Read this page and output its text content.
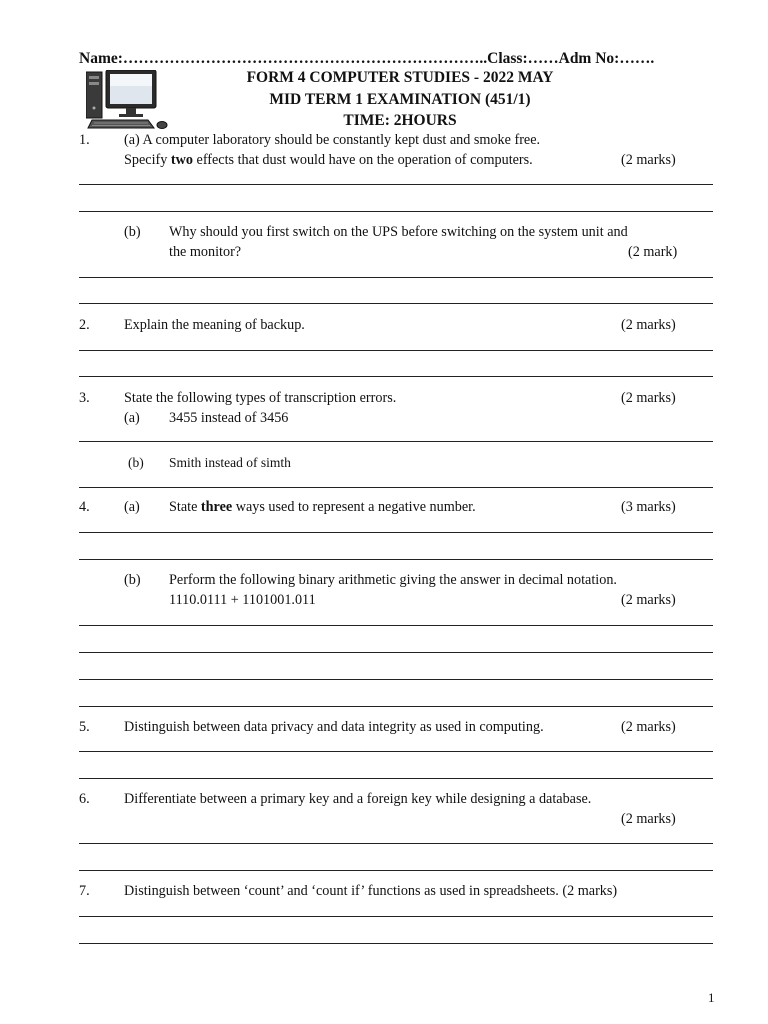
Name:……………………………………………………………..Class:……Adm No:…….
FORM 4 COMPUTER STUDIES - 2022 MAY
MID TERM 1 EXAMINATION (451/1)
TIME: 2HOURS
1. (a) A computer laboratory should be constantly kept dust and smoke free.
Specify two effects that dust would have on the operation of computers.	(2 marks)
(b) Why should you first switch on the UPS before switching on the system unit and
the monitor?	(2 mark)
2. Explain the meaning of backup.	(2 marks)
3. State the following types of transcription errors.	(2 marks)
(a) 3455 instead of 3456
(b) Smith instead of simth
4. (a) State three ways used to represent a negative number.	(3 marks)
(b) Perform the following binary arithmetic giving the answer in decimal notation.
1110.0111 + 1101001.011	(2 marks)
5. Distinguish between data privacy and data integrity as used in computing.	(2 marks)
6. Differentiate between a primary key and a foreign key while designing a database.
(2 marks)
7. Distinguish between ‘count’ and ‘count if’ functions as used in spreadsheets. (2 marks)
1
